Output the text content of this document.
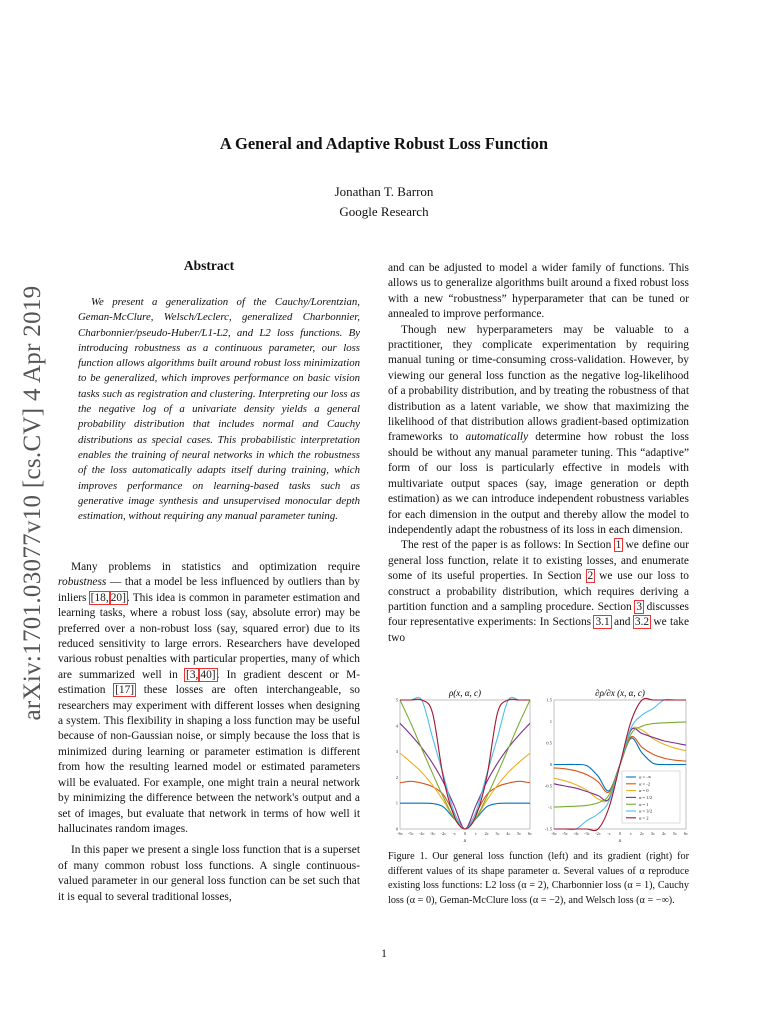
arXiv:1701.03077v10 [cs.CV] 4 Apr 2019
A General and Adaptive Robust Loss Function
Jonathan T. Barron
Google Research
Abstract

We present a generalization of the Cauchy/Lorentzian, Geman-McClure, Welsch/Leclerc, generalized Charbonnier, Charbonnier/pseudo-Huber/L1-L2, and L2 loss functions. By introducing robustness as a continuous parameter, our loss function allows algorithms built around robust loss minimization to be generalized, which improves performance on basic vision tasks such as registration and clustering. Interpreting our loss as the negative log of a univariate density yields a general probability distribution that includes normal and Cauchy distributions as special cases. This probabilistic interpretation enables the training of neural networks in which the robustness of the loss automatically adapts itself during training, which improves performance on learning-based tasks such as generative image synthesis and unsupervised monocular depth estimation, without requiring any manual parameter tuning.

Many problems in statistics and optimization require robustness — that a model be less influenced by outliers than by inliers [18, 20]. This idea is common in parameter estimation and learning tasks, where a robust loss (say, absolute error) may be preferred over a non-robust loss (say, squared error) due to its reduced sensitivity to large errors. Researchers have developed various robust penalties with particular properties, many of which are summarized well in [3, 40]. In gradient descent or M-estimation [17] these losses are often interchangeable, so researchers may experiment with different losses when designing a system. This flexibility in shaping a loss function may be useful because of non-Gaussian noise, or simply because the loss that is minimized during learning or parameter estimation is different from how the resulting learned model or estimated parameters will be evaluated. For example, one might train a neural network by minimizing the difference between the network's output and a set of images, but evaluate that network in terms of how well it hallucinates random images.

In this paper we present a single loss function that is a superset of many common robust loss functions. A single continuous-valued parameter in our general loss function can be set such that it is equal to several traditional losses,

and can be adjusted to model a wider family of functions. This allows us to generalize algorithms built around a fixed robust loss with a new “robustness” hyperparameter that can be tuned or annealed to improve performance.

Though new hyperparameters may be valuable to a practitioner, they complicate experimentation by requiring manual tuning or time-consuming cross-validation. However, by viewing our general loss function as the negative log-likelihood of a probability distribution, and by treating the robustness of that distribution as a latent variable, we show that maximizing the likelihood of that distribution allows gradient-based optimization frameworks to automatically determine how robust the loss should be without any manual parameter tuning. This “adaptive” form of our loss is particularly effective in models with multivariate output spaces (say, image generation or depth estimation) as we can introduce independent robustness variables for each dimension in the output and thereby allow the model to independently adapt the robustness of its loss in each dimension.

The rest of the paper is as follows: In Section 1 we define our general loss function, relate it to existing losses, and enumerate some of its useful properties. In Section 2 we use our loss to construct a probability distribution, which requires deriving a partition function and a sampling procedure. Section 3 discusses four representative experiments: In Sections 3.1 and 3.2 we take two

ρ(x, α, c)
0
1
2
3
4
5
-6c -5c -4c -3c -2c -c 0 c 2c 3c 4c 5c 6c
x
∂ρ/∂x (x, α, c)
-1.5
-1
-0.5
0
0.5
1
1.5
-6c -5c -4c -3c -2c -c 0 c 2c 3c 4c 5c 6c
α = -∞
α = -2
α = 0
α = 1/2
α = 1
α = 3/2
α = 2
x
Figure 1. Our general loss function (left) and its gradient (right) for different values of its shape parameter α. Several values of α reproduce existing loss functions: L2 loss (α = 2), Charbonnier loss (α = 1), Cauchy loss (α = 0), Geman-McClure loss (α = −2), and Welsch loss (α = −∞).
1
